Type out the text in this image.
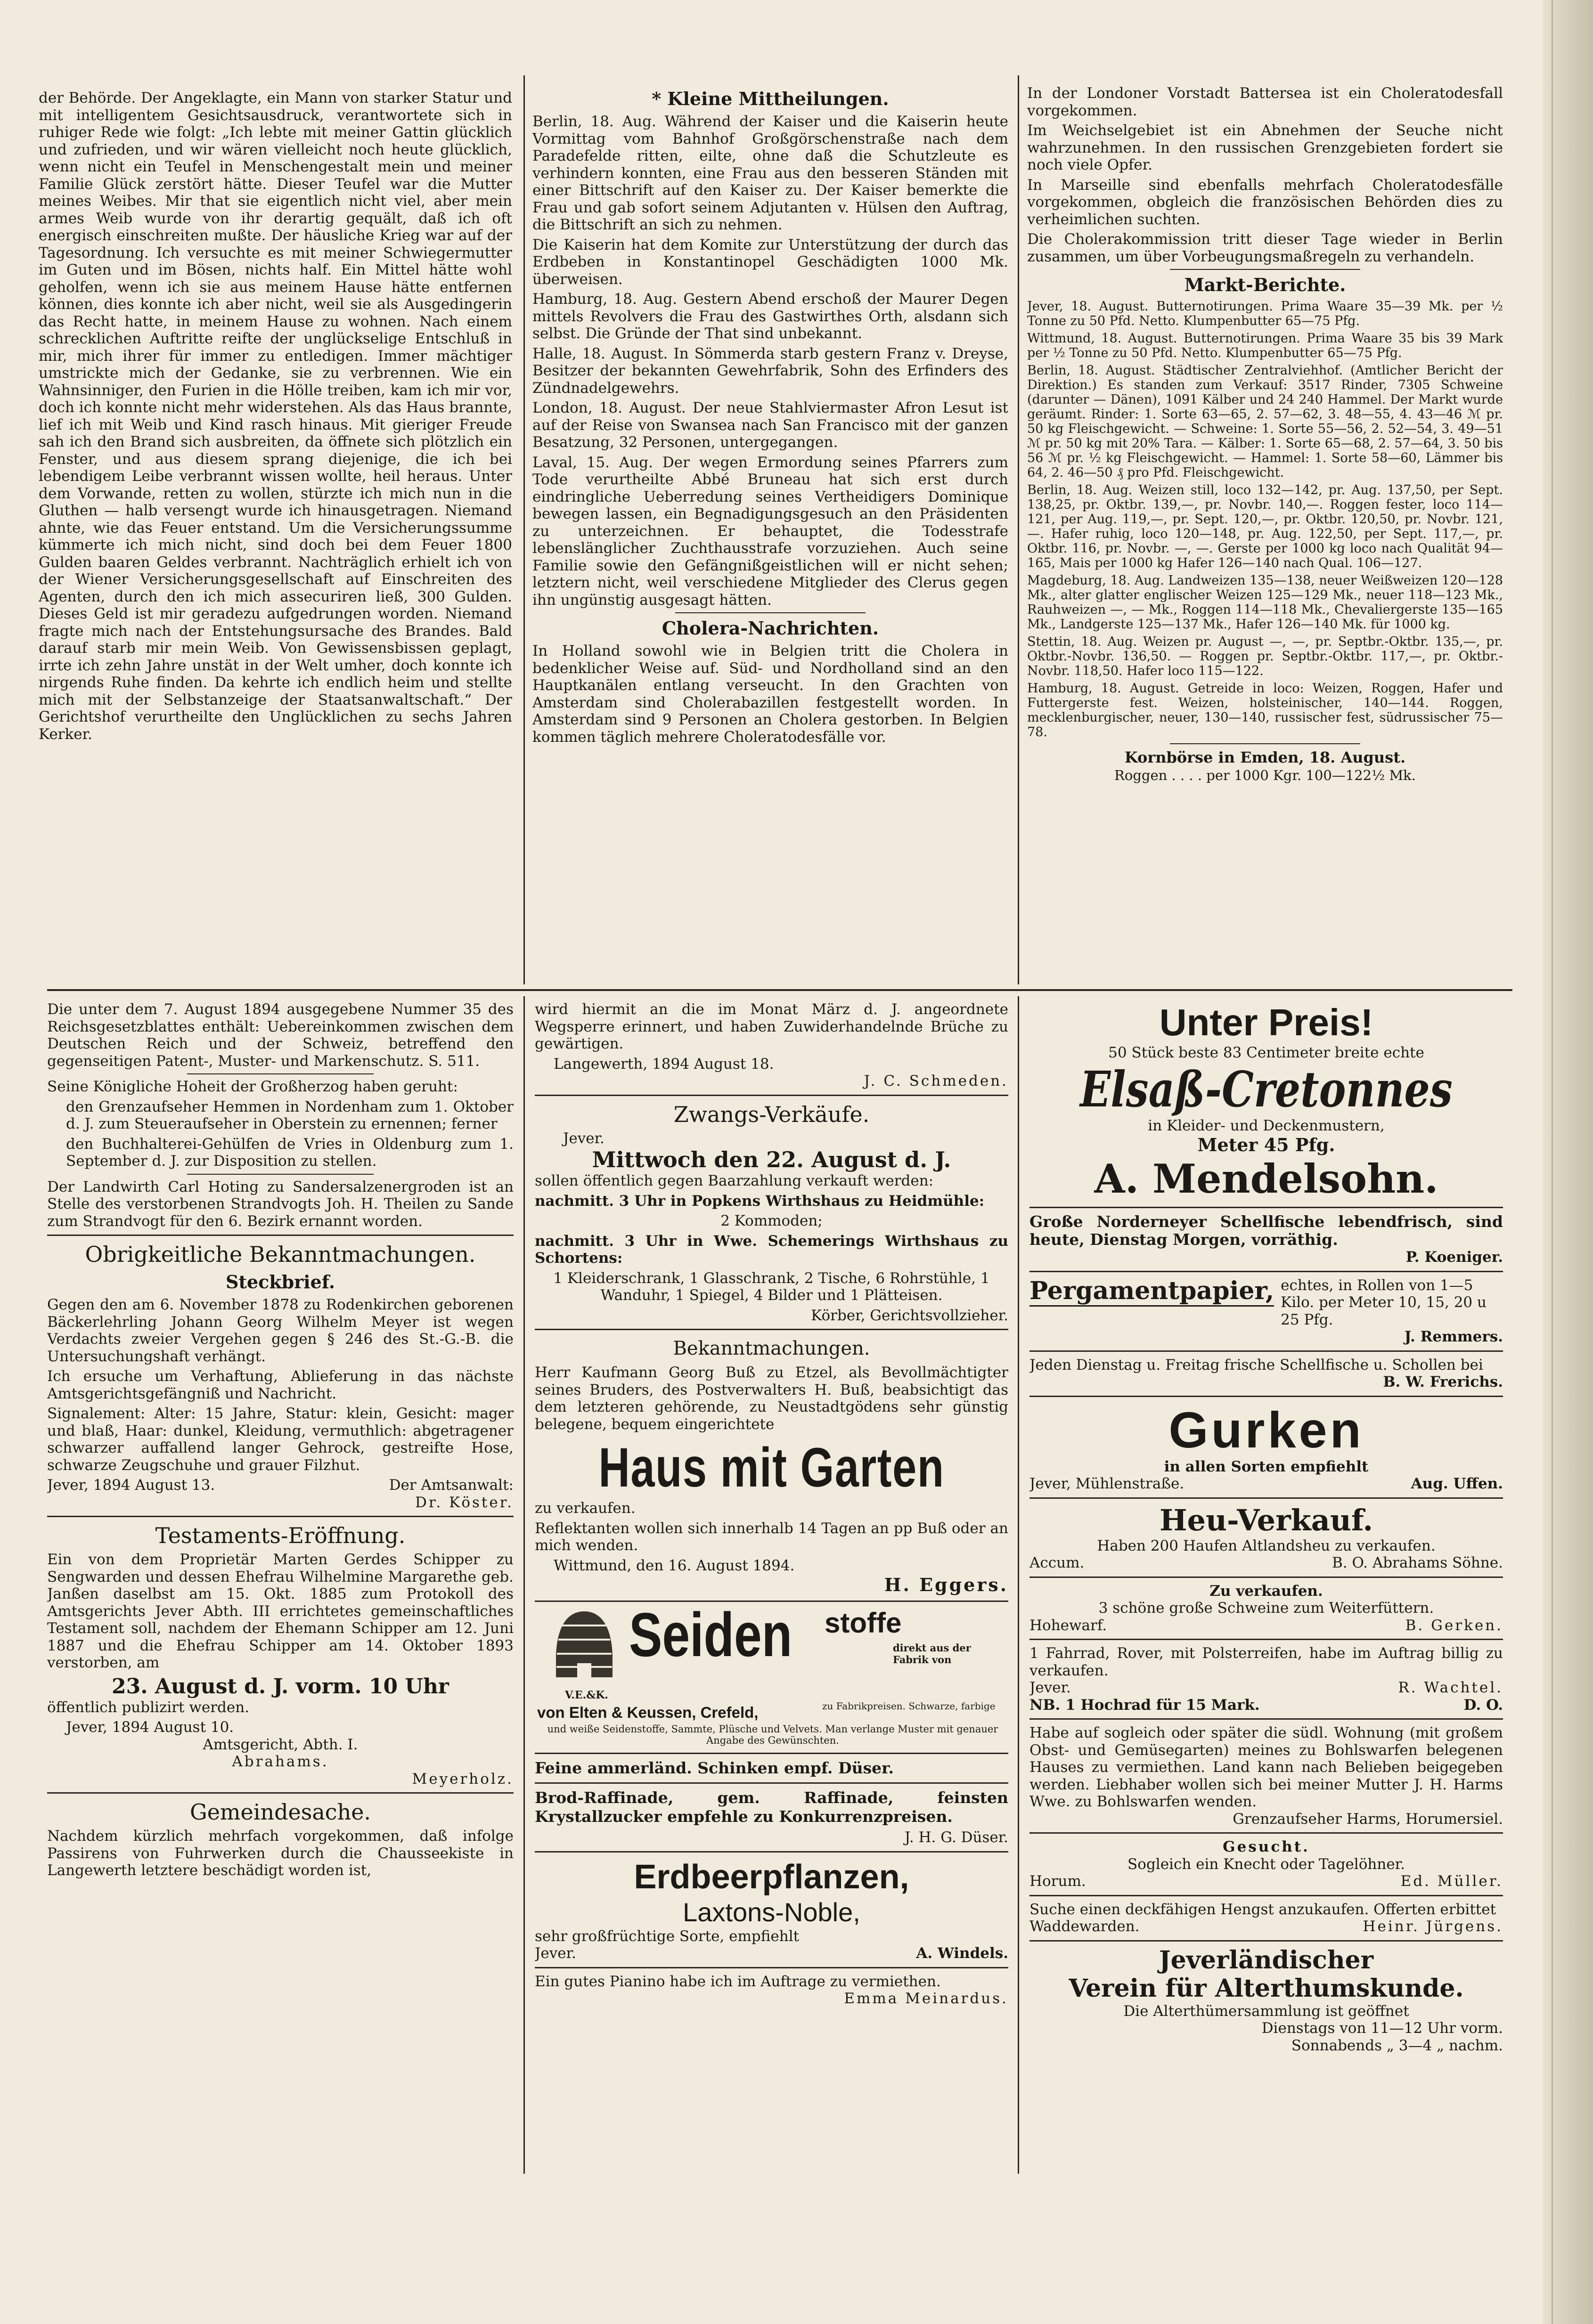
der Behörde. Der Angeklagte, ein Mann von starker Statur und mit intelligentem Gesichtsausdruck, verantwortete sich in ruhiger Rede wie folgt: „Ich lebte mit meiner Gattin glücklich und zufrieden, und wir wären vielleicht noch heute glücklich, wenn nicht ein Teufel in Menschengestalt mein und meiner Familie Glück zerstört hätte. Dieser Teufel war die Mutter meines Weibes. Mir that sie eigentlich nicht viel, aber mein armes Weib wurde von ihr derartig gequält, daß ich oft energisch einschreiten mußte. Der häusliche Krieg war auf der Tagesordnung. Ich versuchte es mit meiner Schwiegermutter im Guten und im Bösen, nichts half. Ein Mittel hätte wohl geholfen, wenn ich sie aus meinem Hause hätte entfernen können, dies konnte ich aber nicht, weil sie als Ausgedingerin das Recht hatte, in meinem Hause zu wohnen. Nach einem schrecklichen Auftritte reifte der unglückselige Entschluß in mir, mich ihrer für immer zu entledigen. Immer mächtiger umstrickte mich der Gedanke, sie zu verbrennen. Wie ein Wahnsinniger, den Furien in die Hölle treiben, kam ich mir vor, doch ich konnte nicht mehr widerstehen. Als das Haus brannte, lief ich mit Weib und Kind rasch hinaus. Mit gieriger Freude sah ich den Brand sich ausbreiten, da öffnete sich plötzlich ein Fenster, und aus diesem sprang diejenige, die ich bei lebendigem Leibe verbrannt wissen wollte, heil heraus. Unter dem Vorwande, retten zu wollen, stürzte ich mich nun in die Gluthen — halb versengt wurde ich hinausgetragen. Niemand ahnte, wie das Feuer entstand. Um die Versicherungssumme kümmerte ich mich nicht, sind doch bei dem Feuer 1800 Gulden baaren Geldes verbrannt. Nachträglich erhielt ich von der Wiener Versicherungsgesellschaft auf Einschreiten des Agenten, durch den ich mich assecuriren ließ, 300 Gulden. Dieses Geld ist mir geradezu aufgedrungen worden. Niemand fragte mich nach der Entstehungsursache des Brandes. Bald darauf starb mir mein Weib. Von Gewissensbissen geplagt, irrte ich zehn Jahre unstät in der Welt umher, doch konnte ich nirgends Ruhe finden. Da kehrte ich endlich heim und stellte mich mit der Selbstanzeige der Staatsanwaltschaft.“ Der Gerichtshof verurtheilte den Unglücklichen zu sechs Jahren Kerker.

* Kleine Mittheilungen.

Berlin, 18. Aug. Während der Kaiser und die Kaiserin heute Vormittag vom Bahnhof Großgörschenstraße nach dem Paradefelde ritten, eilte, ohne daß die Schutzleute es verhindern konnten, eine Frau aus den besseren Ständen mit einer Bittschrift auf den Kaiser zu. Der Kaiser bemerkte die Frau und gab sofort seinem Adjutanten v. Hülsen den Auftrag, die Bittschrift an sich zu nehmen.

Die Kaiserin hat dem Komite zur Unterstützung der durch das Erdbeben in Konstantinopel Geschädigten 1000 Mk. überweisen.

Hamburg, 18. Aug. Gestern Abend erschoß der Maurer Degen mittels Revolvers die Frau des Gastwirthes Orth, alsdann sich selbst. Die Gründe der That sind unbekannt.

Halle, 18. August. In Sömmerda starb gestern Franz v. Dreyse, Besitzer der bekannten Gewehrfabrik, Sohn des Erfinders des Zündnadelgewehrs.

London, 18. August. Der neue Stahlviermaster Afron Lesut ist auf der Reise von Swansea nach San Francisco mit der ganzen Besatzung, 32 Personen, untergegangen.

Laval, 15. Aug. Der wegen Ermordung seines Pfarrers zum Tode verurtheilte Abbé Bruneau hat sich erst durch eindringliche Ueberredung seines Vertheidigers Dominique bewegen lassen, ein Begnadigungsgesuch an den Präsidenten zu unterzeichnen. Er behauptet, die Todesstrafe lebenslänglicher Zuchthausstrafe vorzuziehen. Auch seine Familie sowie den Gefängnißgeistlichen will er nicht sehen; letztern nicht, weil verschiedene Mitglieder des Clerus gegen ihn ungünstig ausgesagt hätten.

Cholera-Nachrichten.

In Holland sowohl wie in Belgien tritt die Cholera in bedenklicher Weise auf. Süd- und Nordholland sind an den Hauptkanälen entlang verseucht. In den Grachten von Amsterdam sind Cholerabazillen festgestellt worden. In Amsterdam sind 9 Personen an Cholera gestorben. In Belgien kommen täglich mehrere Choleratodesfälle vor.

In der Londoner Vorstadt Battersea ist ein Choleratodesfall vorgekommen.

Im Weichselgebiet ist ein Abnehmen der Seuche nicht wahrzunehmen. In den russischen Grenzgebieten fordert sie noch viele Opfer.

In Marseille sind ebenfalls mehrfach Choleratodesfälle vorgekommen, obgleich die französischen Behörden dies zu verheimlichen suchten.

Die Cholerakommission tritt dieser Tage wieder in Berlin zusammen, um über Vorbeugungsmaßregeln zu verhandeln.

Markt-Berichte.

Jever, 18. August. Butternotirungen. Prima Waare 35—39 Mk. per ½ Tonne zu 50 Pfd. Netto. Klumpenbutter 65—75 Pfg.

Wittmund, 18. August. Butternotirungen. Prima Waare 35 bis 39 Mark per ½ Tonne zu 50 Pfd. Netto. Klumpenbutter 65—75 Pfg.

Berlin, 18. August. Städtischer Zentralviehhof. (Amtlicher Bericht der Direktion.) Es standen zum Verkauf: 3517 Rinder, 7305 Schweine (darunter — Dänen), 1091 Kälber und 24 240 Hammel. Der Markt wurde geräumt. Rinder: 1. Sorte 63—65, 2. 57—62, 3. 48—55, 4. 43—46 ℳ pr. 50 kg Fleischgewicht. — Schweine: 1. Sorte 55—56, 2. 52—54, 3. 49—51 ℳ pr. 50 kg mit 20% Tara. — Kälber: 1. Sorte 65—68, 2. 57—64, 3. 50 bis 56 ℳ pr. ½ kg Fleischgewicht. — Hammel: 1. Sorte 58—60, Lämmer bis 64, 2. 46—50 ₰ pro Pfd. Fleischgewicht.

Berlin, 18. Aug. Weizen still, loco 132—142, pr. Aug. 137,50, per Sept. 138,25, pr. Oktbr. 139,—, pr. Novbr. 140,—. Roggen fester, loco 114—121, per Aug. 119,—, pr. Sept. 120,—, pr. Oktbr. 120,50, pr. Novbr. 121,—. Hafer ruhig, loco 120—148, pr. Aug. 122,50, per Sept. 117,—, pr. Oktbr. 116, pr. Novbr. —, —. Gerste per 1000 kg loco nach Qualität 94—165, Mais per 1000 kg Hafer 126—140 nach Qual. 106—127.

Magdeburg, 18. Aug. Landweizen 135—138, neuer Weißweizen 120—128 Mk., alter glatter englischer Weizen 125—129 Mk., neuer 118—123 Mk., Rauhweizen —, — Mk., Roggen 114—118 Mk., Chevaliergerste 135—165 Mk., Landgerste 125—137 Mk., Hafer 126—140 Mk. für 1000 kg.

Stettin, 18. Aug. Weizen pr. August —, —, pr. Septbr.-Oktbr. 135,—, pr. Oktbr.-Novbr. 136,50. — Roggen pr. Septbr.-Oktbr. 117,—, pr. Oktbr.-Novbr. 118,50. Hafer loco 115—122.

Hamburg, 18. August. Getreide in loco: Weizen, Roggen, Hafer und Futtergerste fest. Weizen, holsteinischer, 140—144. Roggen, mecklenburgischer, neuer, 130—140, russischer fest, südrussischer 75—78.

Kornbörse in Emden, 18. August.
Roggen . . . . per 1000 Kgr. 100—122½ Mk.

Die unter dem 7. August 1894 ausgegebene Nummer 35 des Reichsgesetzblattes enthält: Uebereinkommen zwischen dem Deutschen Reich und der Schweiz, betreffend den gegenseitigen Patent-, Muster- und Markenschutz. S. 511.

Seine Königliche Hoheit der Großherzog haben geruht:

den Grenzaufseher Hemmen in Nordenham zum 1. Oktober d. J. zum Steueraufseher in Oberstein zu ernennen; ferner

den Buchhalterei-Gehülfen de Vries in Oldenburg zum 1. September d. J. zur Disposition zu stellen.

Der Landwirth Carl Hoting zu Sandersalzenergroden ist an Stelle des verstorbenen Strandvogts Joh. H. Theilen zu Sande zum Strandvogt für den 6. Bezirk ernannt worden.

Obrigkeitliche Bekanntmachungen.
Steckbrief.

Gegen den am 6. November 1878 zu Rodenkirchen geborenen Bäckerlehrling Johann Georg Wilhelm Meyer ist wegen Verdachts zweier Vergehen gegen § 246 des St.-G.-B. die Untersuchungshaft verhängt.

Ich ersuche um Verhaftung, Ablieferung in das nächste Amtsgerichtsgefängniß und Nachricht.

Signalement: Alter: 15 Jahre, Statur: klein, Gesicht: mager und blaß, Haar: dunkel, Kleidung, vermuthlich: abgetragener schwarzer auffallend langer Gehrock, gestreifte Hose, schwarze Zeugschuhe und grauer Filzhut.

Jever, 1894 August 13.	Der Amtsanwalt:
Dr. Köster.
Testaments-Eröffnung.

Ein von dem Proprietär Marten Gerdes Schipper zu Sengwarden und dessen Ehefrau Wilhelmine Margarethe geb. Janßen daselbst am 15. Okt. 1885 zum Protokoll des Amtsgerichts Jever Abth. III errichtetes gemeinschaftliches Testament soll, nachdem der Ehemann Schipper am 12. Juni 1887 und die Ehefrau Schipper am 14. Oktober 1893 verstorben, am

23. August d. J. vorm. 10 Uhr

öffentlich publizirt werden.

Jever, 1894 August 10.

Amtsgericht, Abth. I.
Abrahams.
Meyerholz.
Gemeindesache.

Nachdem kürzlich mehrfach vorgekommen, daß infolge Passirens von Fuhrwerken durch die Chausseekiste in Langewerth letztere beschädigt worden ist,

wird hiermit an die im Monat März d. J. angeordnete Wegsperre erinnert, und haben Zuwiderhandelnde Brüche zu gewärtigen.

Langewerth, 1894 August 18.

J. C. Schmeden.
Zwangs-Verkäufe.

Jever.

Mittwoch den 22. August d. J.

sollen öffentlich gegen Baarzahlung verkauft werden:

nachmitt. 3 Uhr in Popkens Wirthshaus zu Heidmühle:

2 Kommoden;

nachmitt. 3 Uhr in Wwe. Schemerings Wirthshaus zu Schortens:

1 Kleiderschrank, 1 Glasschrank, 2 Tische, 6 Rohrstühle, 1 Wanduhr, 1 Spiegel, 4 Bilder und 1 Plätteisen.

Körber, Gerichtsvollzieher.
Bekanntmachungen.

Herr Kaufmann Georg Buß zu Etzel, als Bevollmächtigter seines Bruders, des Postverwalters H. Buß, beabsichtigt das dem letzteren gehörende, zu Neustadtgödens sehr günstig belegene, bequem eingerichtete

Haus mit Garten

zu verkaufen.

Reflektanten wollen sich innerhalb 14 Tagen an pp Buß oder an mich wenden.

Wittmund, den 16. August 1894.

H. Eggers.
V.E.&K.
Seiden stoffe
direkt aus der Fabrik von
von Elten & Keussen, Crefeld,	zu Fabrikpreisen. Schwarze, farbige
und weiße Seidenstoffe, Sammte, Plüsche und Velvets. Man verlange Muster mit genauer Angabe des Gewünschten.

Feine ammerländ. Schinken empf. Düser.

Brod-Raffinade, gem. Raffinade, feinsten Krystallzucker empfehle zu Konkurrenzpreisen.

J. H. G. Düser.
Erdbeerpflanzen,
Laxtons-Noble,

sehr großfrüchtige Sorte, empfiehlt

Jever.	A. Windels.

Ein gutes Pianino habe ich im Auftrage zu vermiethen.

Emma Meinardus.
Unter Preis!
50 Stück beste 83 Centimeter breite echte
Elsaß-Cretonnes
in Kleider- und Deckenmustern,
Meter 45 Pfg.
A. Mendelsohn.

Große Norderneyer Schellfische lebendfrisch, sind heute, Dienstag Morgen, vorräthig.

P. Koeniger.
Pergamentpapier, echtes, in Rollen von 1—5 Kilo. per Meter 10, 15, 20 u 25 Pfg.
J. Remmers.

Jeden Dienstag u. Freitag frische Schellfische u. Schollen bei

B. W. Frerichs.
Gurken
in allen Sorten empfiehlt
Jever, Mühlenstraße.	Aug. Uffen.
Heu-Verkauf.
Haben 200 Haufen Altlandsheu zu verkaufen.
Accum.	B. O. Abrahams Söhne.
Zu verkaufen.
3 schöne große Schweine zum Weiterfüttern.
Hohewarf.	B. Gerken.

1 Fahrrad, Rover, mit Polsterreifen, habe im Auftrag billig zu verkaufen.

Jever.	R. Wachtel.
NB. 1 Hochrad für 15 Mark.	D. O.

Habe auf sogleich oder später die südl. Wohnung (mit großem Obst- und Gemüsegarten) meines zu Bohlswarfen belegenen Hauses zu vermiethen. Land kann nach Belieben beigegeben werden. Liebhaber wollen sich bei meiner Mutter J. H. Harms Wwe. zu Bohlswarfen wenden.

Grenzaufseher Harms, Horumersiel.
Gesucht.
Sogleich ein Knecht oder Tagelöhner.
Horum.	Ed. Müller.

Suche einen deckfähigen Hengst anzukaufen. Offerten erbittet

Waddewarden.	Heinr. Jürgens.
Jeverländischer
Verein für Alterthumskunde.
Die Alterthümersammlung ist geöffnet
Dienstags von 11—12 Uhr vorm.
Sonnabends „ 3—4 „ nachm.
